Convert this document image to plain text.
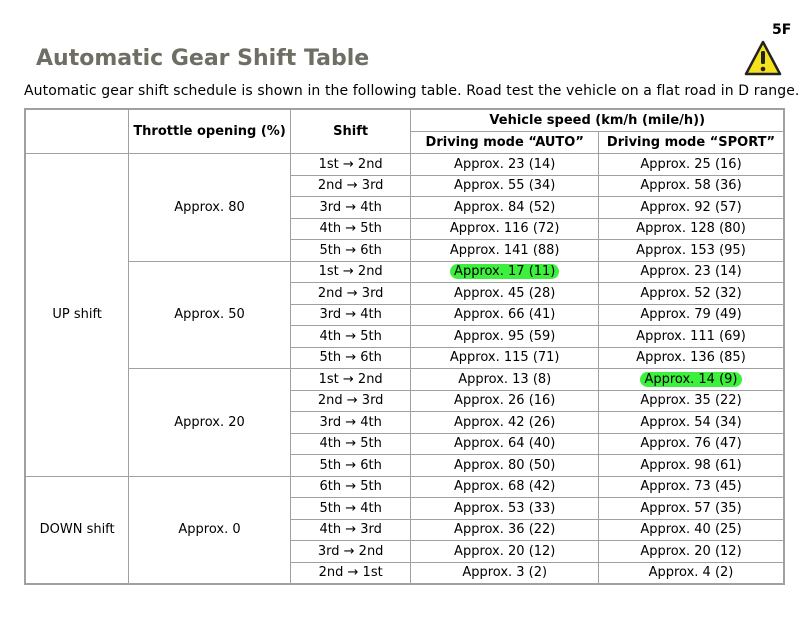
5F
Automatic Gear Shift Table
Automatic gear shift schedule is shown in the following table. Road test the vehicle on a flat road in D range.
	Throttle opening (%)	Shift	Vehicle speed (km/h (mile/h))	
			Driving mode “AUTO”	Driving mode “SPORT”
UP shift	Approx. 80	1st → 2nd	Approx. 23 (14)	Approx. 25 (16)
		2nd → 3rd	Approx. 55 (34)	Approx. 58 (36)
		3rd → 4th	Approx. 84 (52)	Approx. 92 (57)
		4th → 5th	Approx. 116 (72)	Approx. 128 (80)
		5th → 6th	Approx. 141 (88)	Approx. 153 (95)
	Approx. 50	1st → 2nd	Approx. 17 (11)	Approx. 23 (14)
		2nd → 3rd	Approx. 45 (28)	Approx. 52 (32)
		3rd → 4th	Approx. 66 (41)	Approx. 79 (49)
		4th → 5th	Approx. 95 (59)	Approx. 111 (69)
		5th → 6th	Approx. 115 (71)	Approx. 136 (85)
	Approx. 20	1st → 2nd	Approx. 13 (8)	Approx. 14 (9)
		2nd → 3rd	Approx. 26 (16)	Approx. 35 (22)
		3rd → 4th	Approx. 42 (26)	Approx. 54 (34)
		4th → 5th	Approx. 64 (40)	Approx. 76 (47)
		5th → 6th	Approx. 80 (50)	Approx. 98 (61)
DOWN shift	Approx. 0	6th → 5th	Approx. 68 (42)	Approx. 73 (45)
		5th → 4th	Approx. 53 (33)	Approx. 57 (35)
		4th → 3rd	Approx. 36 (22)	Approx. 40 (25)
		3rd → 2nd	Approx. 20 (12)	Approx. 20 (12)
		2nd → 1st	Approx. 3 (2)	Approx. 4 (2)
